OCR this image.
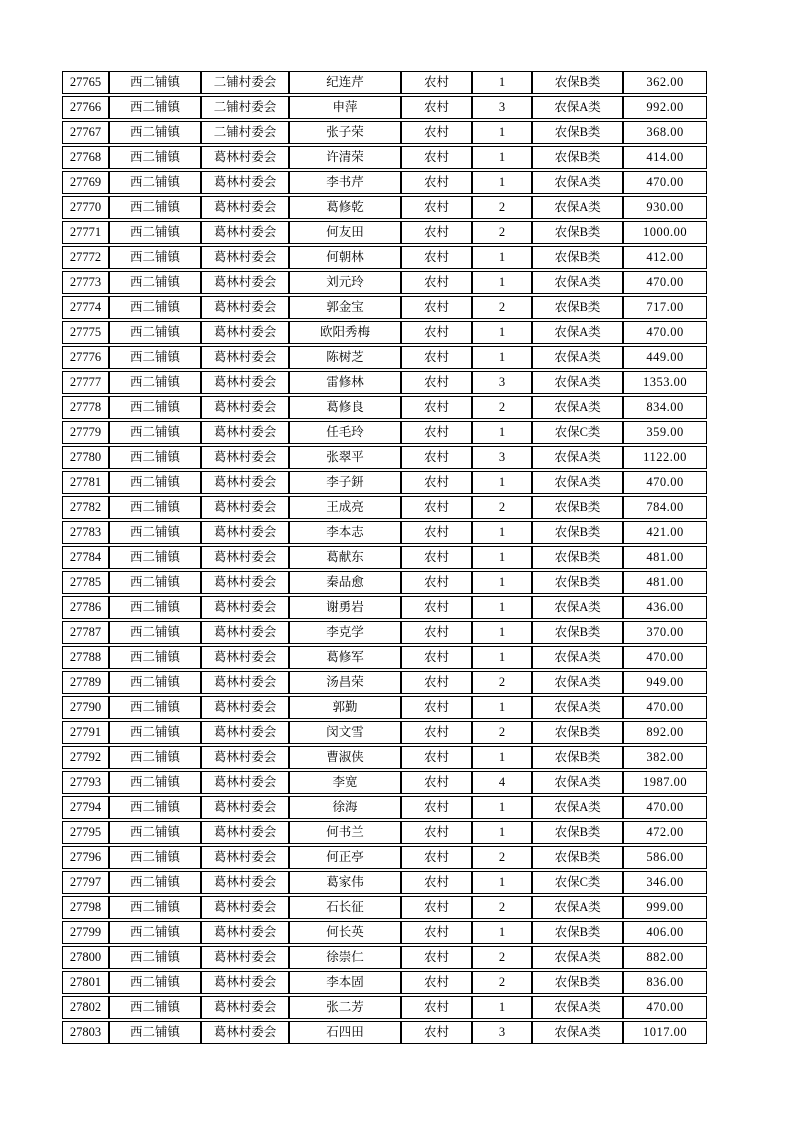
27765	西二铺镇	二铺村委会	纪连芹	农村	1	农保B类	362.00
27766	西二铺镇	二铺村委会	申萍	农村	3	农保A类	992.00
27767	西二铺镇	二铺村委会	张子荣	农村	1	农保B类	368.00
27768	西二铺镇	葛林村委会	许清荣	农村	1	农保B类	414.00
27769	西二铺镇	葛林村委会	李书芹	农村	1	农保A类	470.00
27770	西二铺镇	葛林村委会	葛修乾	农村	2	农保A类	930.00
27771	西二铺镇	葛林村委会	何友田	农村	2	农保B类	1000.00
27772	西二铺镇	葛林村委会	何朝林	农村	1	农保B类	412.00
27773	西二铺镇	葛林村委会	刘元玲	农村	1	农保A类	470.00
27774	西二铺镇	葛林村委会	郭金宝	农村	2	农保B类	717.00
27775	西二铺镇	葛林村委会	欧阳秀梅	农村	1	农保A类	470.00
27776	西二铺镇	葛林村委会	陈树芝	农村	1	农保A类	449.00
27777	西二铺镇	葛林村委会	雷修林	农村	3	农保A类	1353.00
27778	西二铺镇	葛林村委会	葛修良	农村	2	农保A类	834.00
27779	西二铺镇	葛林村委会	任毛玲	农村	1	农保C类	359.00
27780	西二铺镇	葛林村委会	张翠平	农村	3	农保A类	1122.00
27781	西二铺镇	葛林村委会	李子鈃	农村	1	农保A类	470.00
27782	西二铺镇	葛林村委会	王成亮	农村	2	农保B类	784.00
27783	西二铺镇	葛林村委会	李本志	农村	1	农保B类	421.00
27784	西二铺镇	葛林村委会	葛献东	农村	1	农保B类	481.00
27785	西二铺镇	葛林村委会	秦品愈	农村	1	农保B类	481.00
27786	西二铺镇	葛林村委会	谢勇岩	农村	1	农保A类	436.00
27787	西二铺镇	葛林村委会	李克学	农村	1	农保B类	370.00
27788	西二铺镇	葛林村委会	葛修军	农村	1	农保A类	470.00
27789	西二铺镇	葛林村委会	汤昌荣	农村	2	农保A类	949.00
27790	西二铺镇	葛林村委会	郭勤	农村	1	农保A类	470.00
27791	西二铺镇	葛林村委会	闵文雪	农村	2	农保B类	892.00
27792	西二铺镇	葛林村委会	曹淑侠	农村	1	农保B类	382.00
27793	西二铺镇	葛林村委会	李宽	农村	4	农保A类	1987.00
27794	西二铺镇	葛林村委会	徐海	农村	1	农保A类	470.00
27795	西二铺镇	葛林村委会	何书兰	农村	1	农保B类	472.00
27796	西二铺镇	葛林村委会	何正亭	农村	2	农保B类	586.00
27797	西二铺镇	葛林村委会	葛家伟	农村	1	农保C类	346.00
27798	西二铺镇	葛林村委会	石长征	农村	2	农保A类	999.00
27799	西二铺镇	葛林村委会	何长英	农村	1	农保B类	406.00
27800	西二铺镇	葛林村委会	徐崇仁	农村	2	农保A类	882.00
27801	西二铺镇	葛林村委会	李本固	农村	2	农保B类	836.00
27802	西二铺镇	葛林村委会	张二芳	农村	1	农保A类	470.00
27803	西二铺镇	葛林村委会	石四田	农村	3	农保A类	1017.00
